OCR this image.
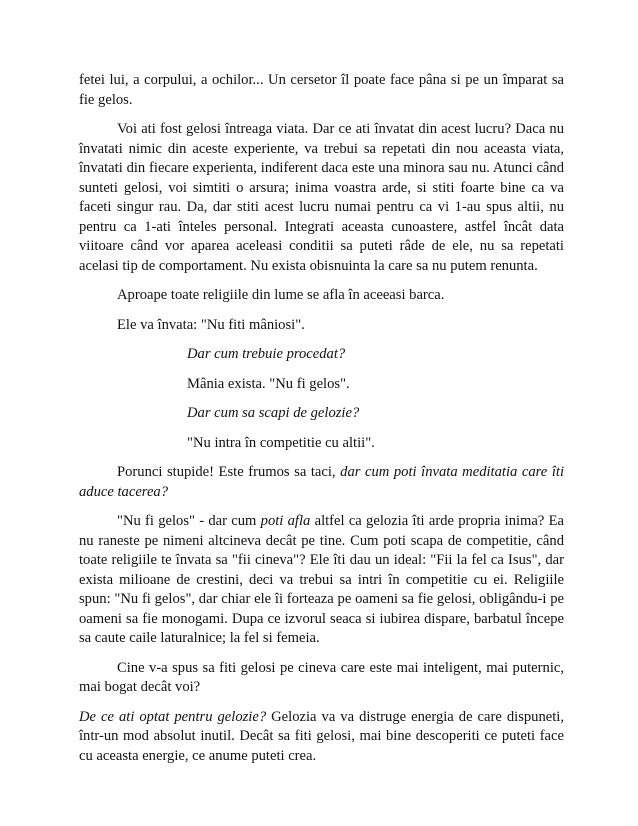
fetei lui, a corpului, a ochilor... Un cersetor îl poate face pâna si pe un împarat sa fie gelos.

Voi ati fost gelosi întreaga viata. Dar ce ati învatat din acest lucru? Daca nu învatati nimic din aceste experiente, va trebui sa repetati din nou aceasta viata, învatati din fiecare experienta, indiferent daca este una minora sau nu. Atunci când sunteti gelosi, voi simtiti o arsura; inima voastra arde, si stiti foarte bine ca va faceti singur rau. Da, dar stiti acest lucru numai pentru ca vi 1-au spus altii, nu pentru ca 1-ati înteles personal. Integrati aceasta cunoastere, astfel încât data viitoare când vor aparea aceleasi conditii sa puteti râde de ele, nu sa repetati acelasi tip de comportament. Nu exista obisnuinta la care sa nu putem renunta.

Aproape toate religiile din lume se afla în aceeasi barca.

Ele va învata: "Nu fiti mâniosi".

Dar cum trebuie procedat?

Mânia exista. "Nu fi gelos".

Dar cum sa scapi de gelozie?

"Nu intra în competitie cu altii".

Porunci stupide! Este frumos sa taci, dar cum poti învata meditatia care îti aduce tacerea?

"Nu fi gelos" - dar cum poti afla altfel ca gelozia îti arde propria inima? Ea nu raneste pe nimeni altcineva decât pe tine. Cum poti scapa de competitie, când toate religiile te învata sa "fii cineva"? Ele îti dau un ideal: "Fii la fel ca Isus", dar exista milioane de crestini, deci va trebui sa intri în competitie cu ei. Religiile spun: "Nu fi gelos", dar chiar ele îi forteaza pe oameni sa fie gelosi, obligându-i pe oameni sa fie monogami. Dupa ce izvorul seaca si iubirea dispare, barbatul începe sa caute caile laturalnice; la fel si femeia.

Cine v-a spus sa fiti gelosi pe cineva care este mai inteligent, mai puternic, mai bogat decât voi?

De ce ati optat pentru gelozie? Gelozia va va distruge energia de care dispuneti, într-un mod absolut inutil. Decât sa fiti gelosi, mai bine descoperiti ce puteti face cu aceasta energie, ce anume puteti crea.
